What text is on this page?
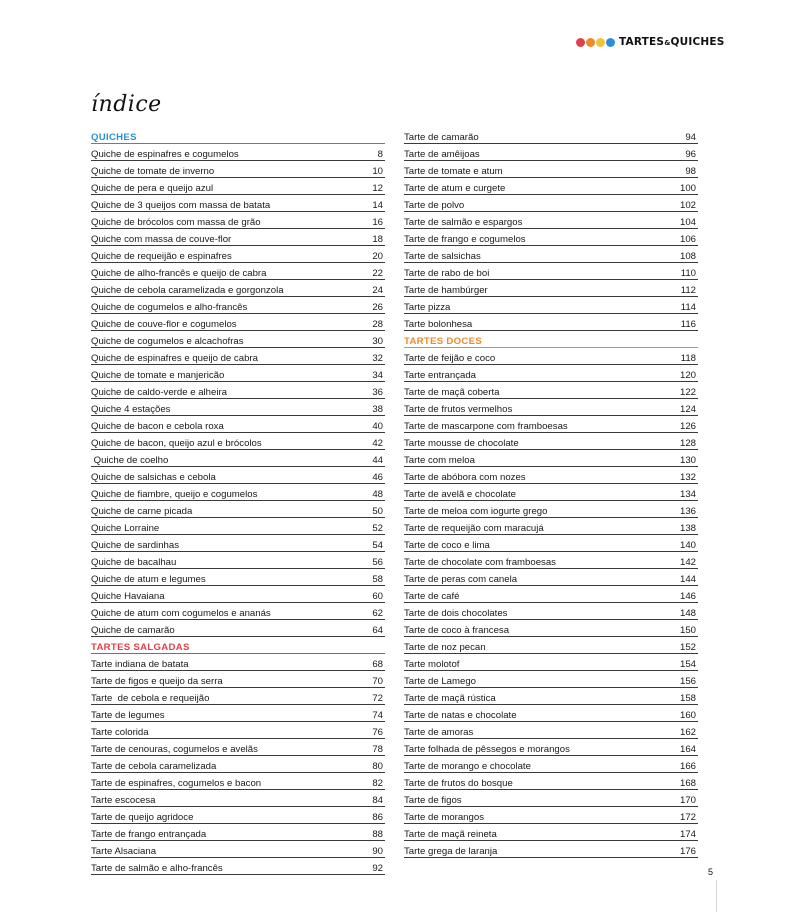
TARTES&QUICHES
índice
QUICHES
Quiche de espinafres e cogumelos	8
Quiche de tomate de inverno	10
Quiche de pera e queijo azul	12
Quiche de 3 queijos com massa de batata	14
Quiche de brócolos com massa de grão	16
Quiche com massa de couve-flor	18
Quiche de requeijão e espinafres	20
Quiche de alho-francês e queijo de cabra	22
Quiche de cebola caramelizada e gorgonzola	24
Quiche de cogumelos e alho-francês	26
Quiche de couve-flor e cogumelos	28
Quiche de cogumelos e alcachofras	30
Quiche de espinafres e queijo de cabra	32
Quiche de tomate e manjericão	34
Quiche de caldo-verde e alheira	36
Quiche 4 estações	38
Quiche de bacon e cebola roxa	40
Quiche de bacon, queijo azul e brócolos	42
Quiche de coelho	44
Quiche de salsichas e cebola	46
Quiche de fiambre, queijo e cogumelos	48
Quiche de carne picada	50
Quiche Lorraine	52
Quiche de sardinhas	54
Quiche de bacalhau	56
Quiche de atum e legumes	58
Quiche Havaiana	60
Quiche de atum com cogumelos e ananás	62
Quiche de camarão	64
TARTES SALGADAS
Tarte indiana de batata	68
Tarte de figos e queijo da serra	70
Tarte  de cebola e requeijão	72
Tarte de legumes	74
Tarte colorida	76
Tarte de cenouras, cogumelos e avelãs	78
Tarte de cebola caramelizada	80
Tarte de espinafres, cogumelos e bacon	82
Tarte escocesa	84
Tarte de queijo agridoce	86
Tarte de frango entrançada	88
Tarte Alsaciana	90
Tarte de salmão e alho-francês	92
Tarte de camarão	94
Tarte de amêijoas	96
Tarte de tomate e atum	98
Tarte de atum e curgete	100
Tarte de polvo	102
Tarte de salmão e espargos	104
Tarte de frango e cogumelos	106
Tarte de salsichas	108
Tarte de rabo de boi	110
Tarte de hambúrger	112
Tarte pizza	114
Tarte bolonhesa	116
TARTES DOCES
Tarte de feijão e coco	118
Tarte entrançada	120
Tarte de maçã coberta	122
Tarte de frutos vermelhos	124
Tarte de mascarpone com framboesas	126
Tarte mousse de chocolate	128
Tarte com meloa	130
Tarte de abóbora com nozes	132
Tarte de avelã e chocolate	134
Tarte de meloa com iogurte grego	136
Tarte de requeijão com maracujá	138
Tarte de coco e lima	140
Tarte de chocolate com framboesas	142
Tarte de peras com canela	144
Tarte de café	146
Tarte de dois chocolates	148
Tarte de coco à francesa	150
Tarte de noz pecan	152
Tarte molotof	154
Tarte de Lamego	156
Tarte de maçã rústica	158
Tarte de natas e chocolate	160
Tarte de amoras	162
Tarte folhada de pêssegos e morangos	164
Tarte de morango e chocolate	166
Tarte de frutos do bosque	168
Tarte de figos	170
Tarte de morangos	172
Tarte de maçã reineta	174
Tarte grega de laranja	176
5
